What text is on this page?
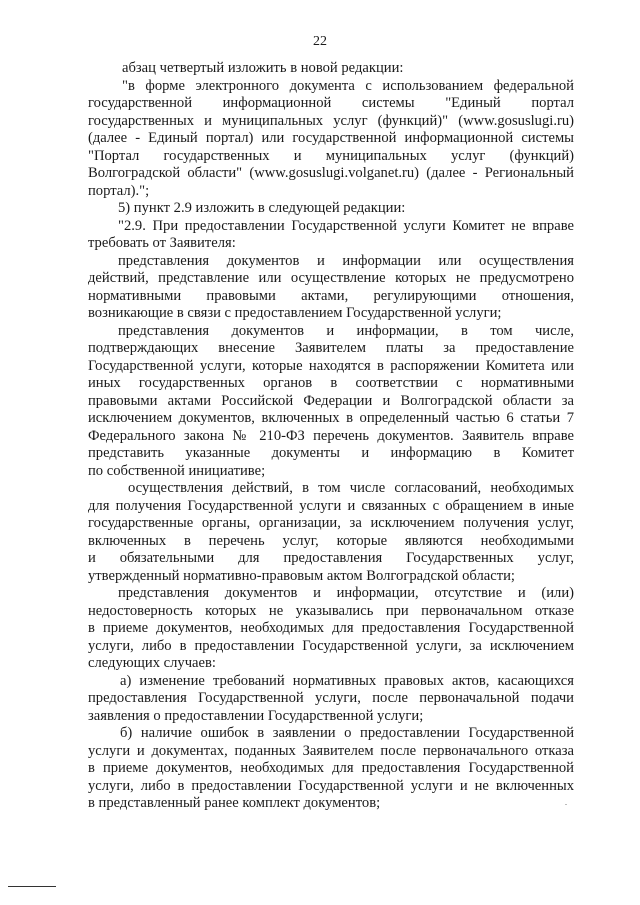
22
абзац четвертый изложить в новой редакции:
"в форме электронного документа с использованием федеральной
государственной информационной системы "Единый портал
государственных и муниципальных услуг (функций)" (www.gosuslugi.ru)
(далее - Единый портал) или государственной информационной системы
"Портал государственных и муниципальных услуг (функций)
Волгоградской области" (www.gosuslugi.volganet.ru) (далее - Региональный
портал).";
5) пункт 2.9 изложить в следующей редакции:
"2.9. При предоставлении Государственной услуги Комитет не вправе
требовать от Заявителя:
представления документов и информации или осуществления
действий, представление или осуществление которых не предусмотрено
нормативными правовыми актами, регулирующими отношения,
возникающие в связи с предоставлением Государственной услуги;
представления документов и информации, в том числе,
подтверждающих внесение Заявителем платы за предоставление
Государственной услуги, которые находятся в распоряжении Комитета или
иных государственных органов в соответствии с нормативными
правовыми актами Российской Федерации и Волгоградской области за
исключением документов, включенных в определенный частью 6 статьи 7
Федерального закона № 210-ФЗ перечень документов. Заявитель вправе
представить указанные документы и информацию в Комитет
по собственной инициативе;
осуществления действий, в том числе согласований, необходимых
для получения Государственной услуги и связанных с обращением в иные
государственные органы, организации, за исключением получения услуг,
включенных в перечень услуг, которые являются необходимыми
и обязательными для предоставления Государственных услуг,
утвержденный нормативно-правовым актом Волгоградской области;
представления документов и информации, отсутствие и (или)
недостоверность которых не указывались при первоначальном отказе
в приеме документов, необходимых для предоставления Государственной
услуги, либо в предоставлении Государственной услуги, за исключением
следующих случаев:
а) изменение требований нормативных правовых актов, касающихся
предоставления Государственной услуги, после первоначальной подачи
заявления о предоставлении Государственной услуги;
б) наличие ошибок в заявлении о предоставлении Государственной
услуги и документах, поданных Заявителем после первоначального отказа
в приеме документов, необходимых для предоставления Государственной
услуги, либо в предоставлении Государственной услуги и не включенных
в представленный ранее комплект документов;
